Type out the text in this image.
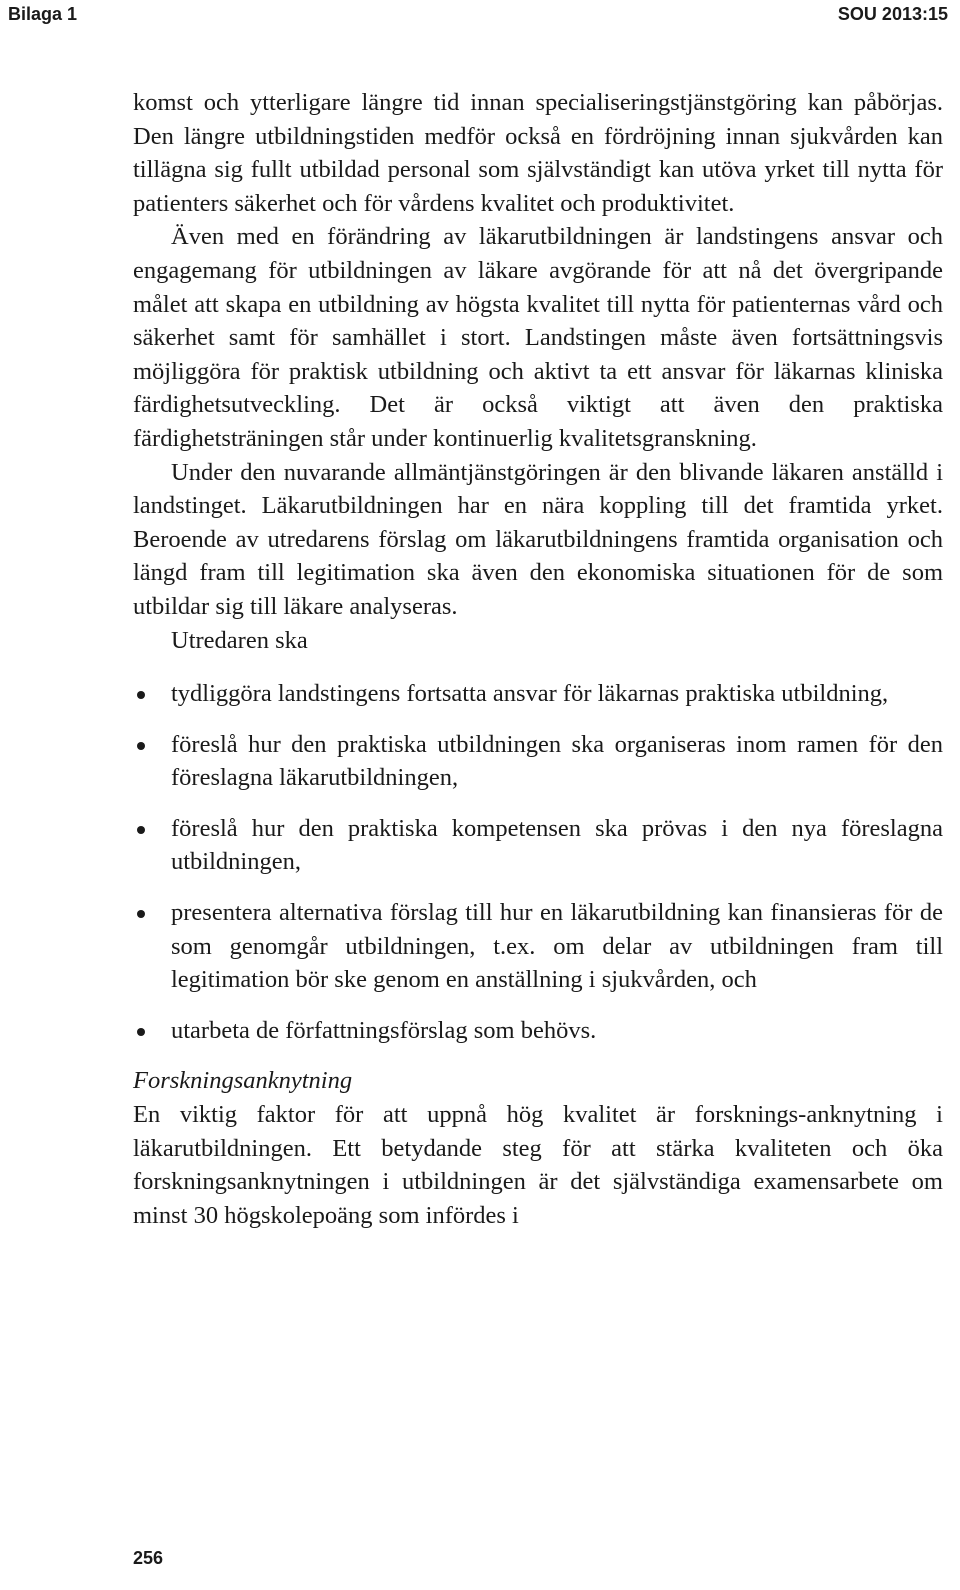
Bilaga 1	SOU 2013:15

komst och ytterligare längre tid innan specialiseringstjänstgöring kan påbörjas. Den längre utbildningstiden medför också en fördröjning innan sjukvården kan tillägna sig fullt utbildad personal som självständigt kan utöva yrket till nytta för patienters säkerhet och för vårdens kvalitet och produktivitet.

Även med en förändring av läkarutbildningen är landstingens ansvar och engagemang för utbildningen av läkare avgörande för att nå det övergripande målet att skapa en utbildning av högsta kvalitet till nytta för patienternas vård och säkerhet samt för samhället i stort. Landstingen måste även fortsättningsvis möjliggöra för praktisk utbildning och aktivt ta ett ansvar för läkarnas kliniska färdighetsutveckling. Det är också viktigt att även den praktiska färdighetsträningen står under kontinuerlig kvalitetsgranskning.

Under den nuvarande allmäntjänstgöringen är den blivande läkaren anställd i landstinget. Läkarutbildningen har en nära koppling till det framtida yrket. Beroende av utredarens förslag om läkarutbildningens framtida organisation och längd fram till legitimation ska även den ekonomiska situationen för de som utbildar sig till läkare analyseras.

Utredaren ska

tydliggöra landstingens fortsatta ansvar för läkarnas praktiska utbildning,
föreslå hur den praktiska utbildningen ska organiseras inom ramen för den föreslagna läkarutbildningen,
föreslå hur den praktiska kompetensen ska prövas i den nya föreslagna utbildningen,
presentera alternativa förslag till hur en läkarutbildning kan finansieras för de som genomgår utbildningen, t.ex. om delar av utbildningen fram till legitimation bör ske genom en anställning i sjukvården, och
utarbeta de författningsförslag som behövs.

Forskningsanknytning

En viktig faktor för att uppnå hög kvalitet är forsknings-anknytning i läkarutbildningen. Ett betydande steg för att stärka kvaliteten och öka forskningsanknytningen i utbildningen är det självständiga examensarbete om minst 30 högskolepoäng som infördes i

256
